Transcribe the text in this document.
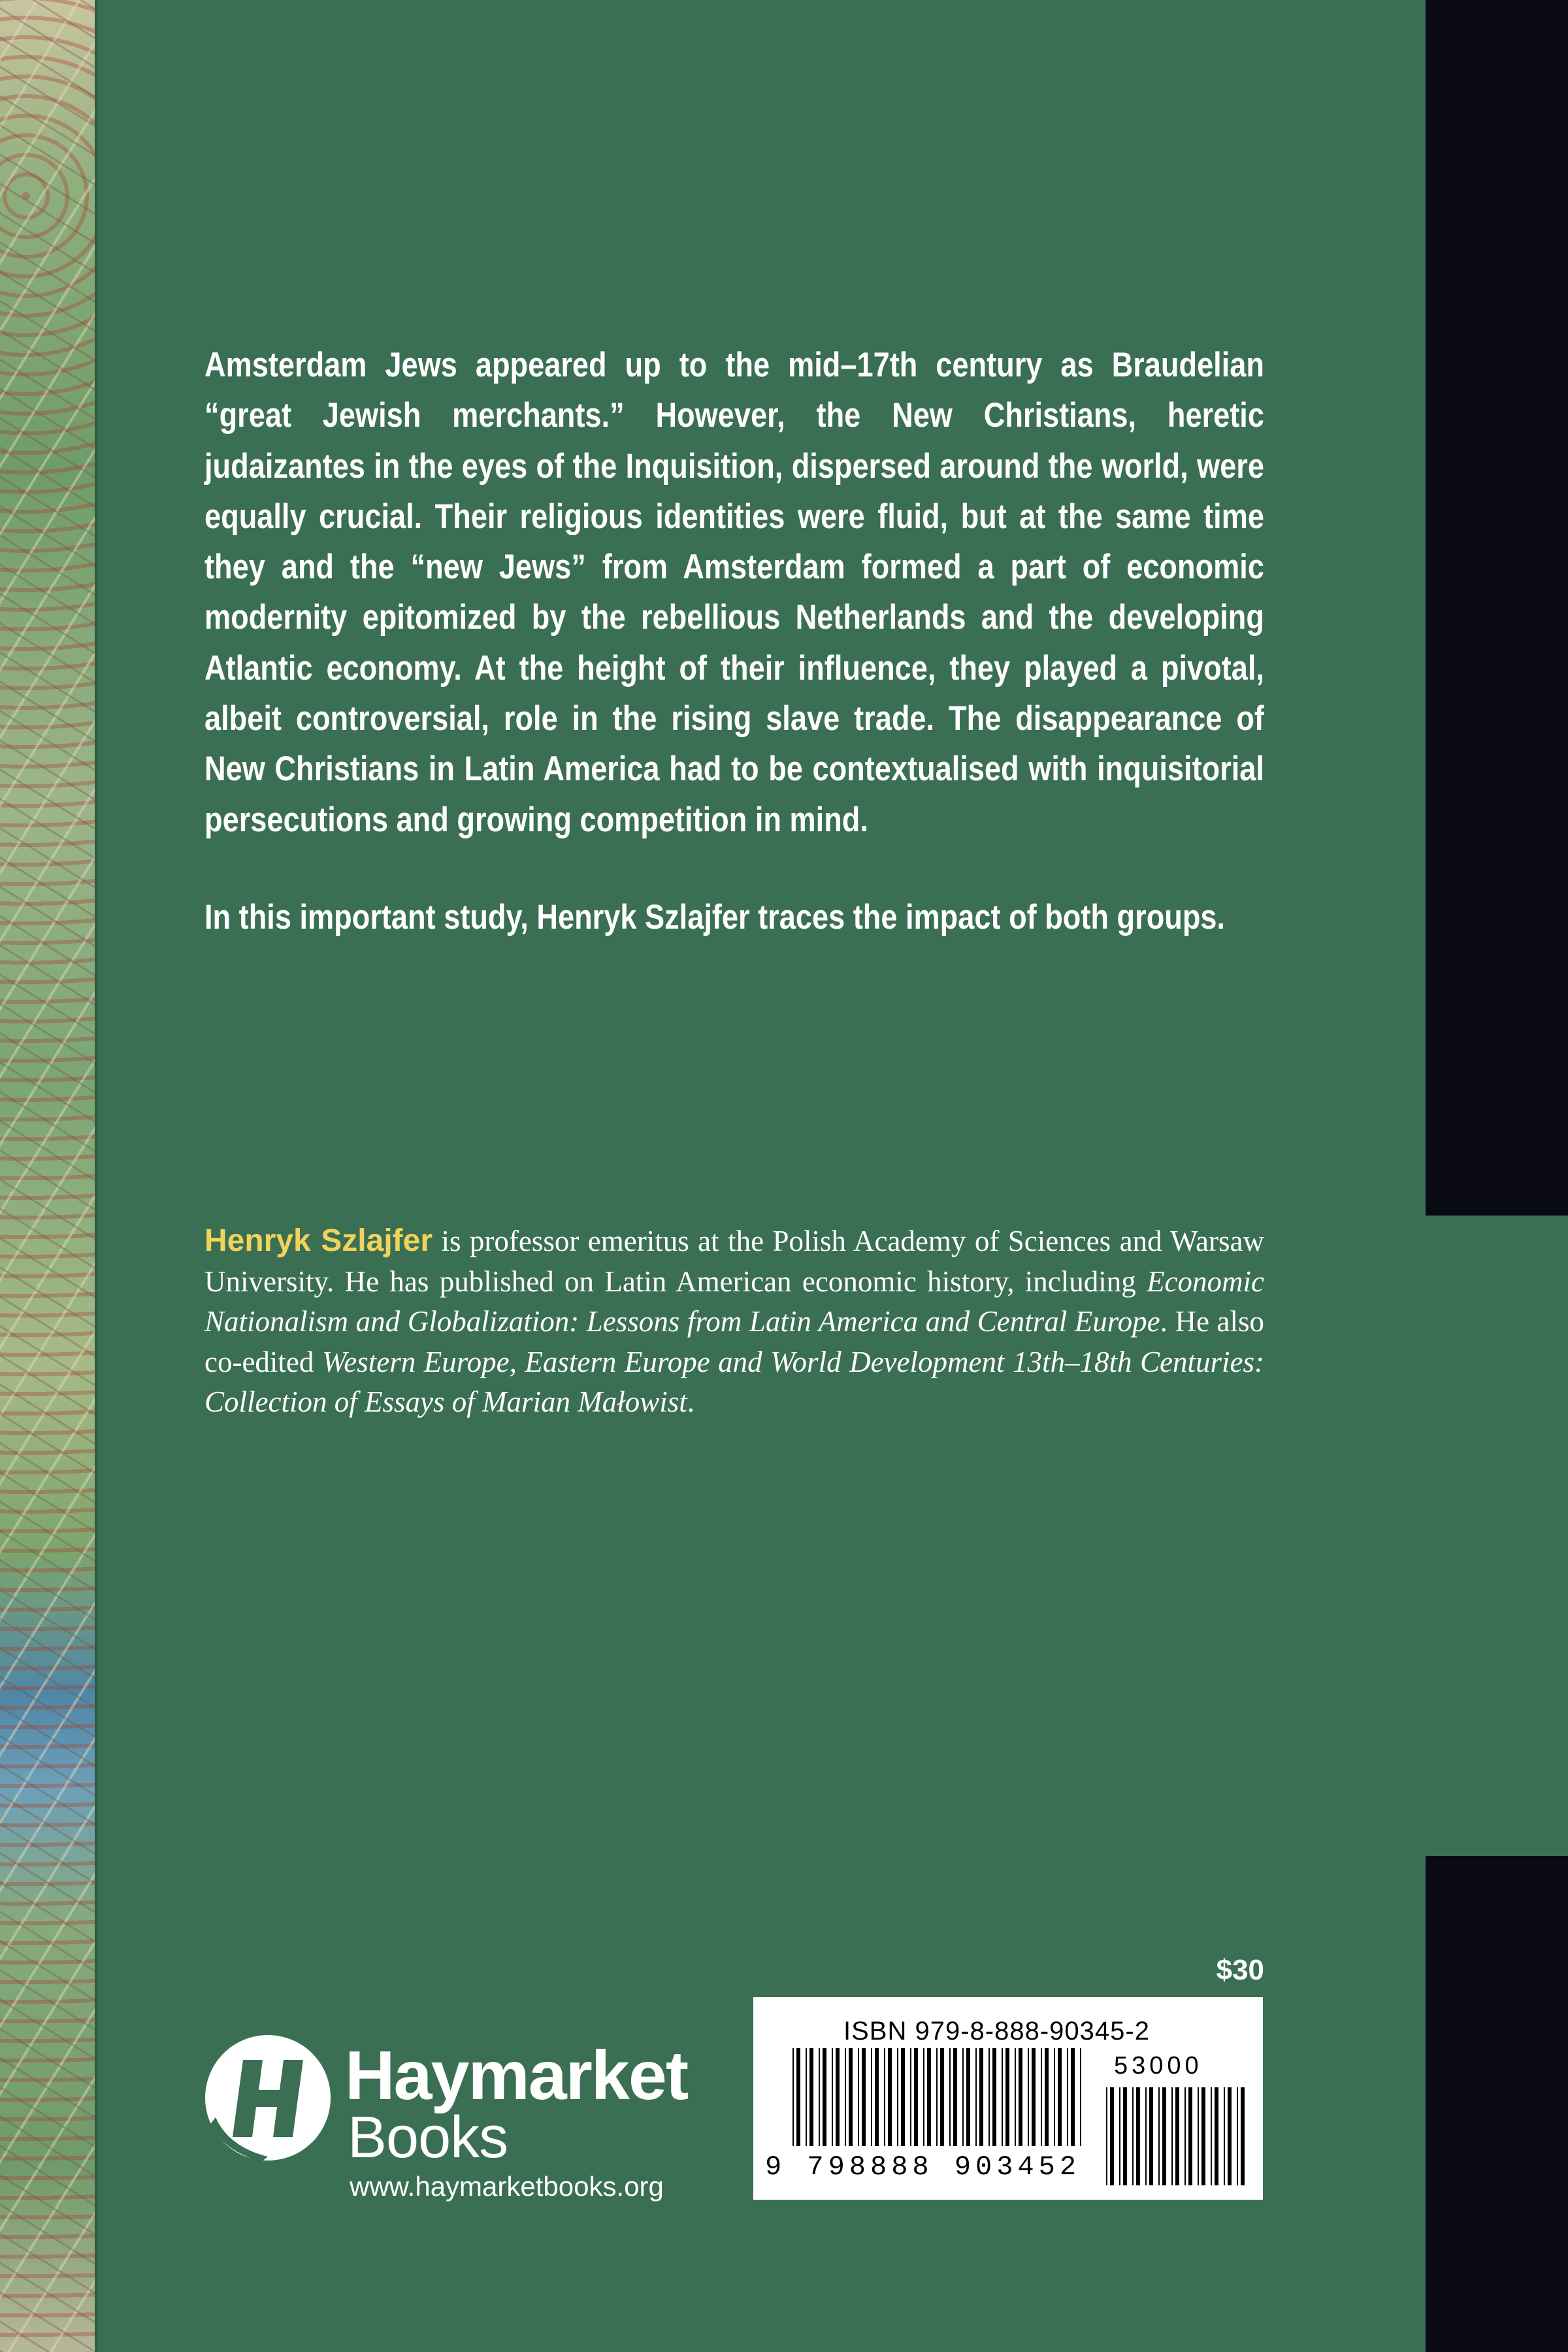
Amsterdam Jews appeared up to the mid–17th century as Braudelian “great Jewish merchants.” However, the New Christians, heretic judaizantes in the eyes of the Inquisition, dispersed around the world, were equally crucial. Their religious identities were fluid, but at the same time they and the “new Jews” from Amsterdam formed a part of economic modernity epitomized by the rebellious Netherlands and the developing Atlantic economy. At the height of their influence, they played a pivotal, albeit controversial, role in the rising slave trade. The disappearance of New Christians in Latin America had to be contextualised with inquisitorial persecutions and growing competition in mind.

In this important study, Henryk Szlajfer traces the impact of both groups.

Henryk Szlajfer is professor emeritus at the Polish Academy of Sciences and Warsaw University. He has published on Latin American economic history, including Economic Nationalism and Globalization: Lessons from Latin America and Central Europe. He also co-edited Western Europe, Eastern Europe and World Development 13th–18th Centuries: Collection of Essays of Marian Małowist.
$30
ISBN 979-8-888-90345-2
53000
9 798888 903452
Haymarket
Books
www.haymarketbooks.org
